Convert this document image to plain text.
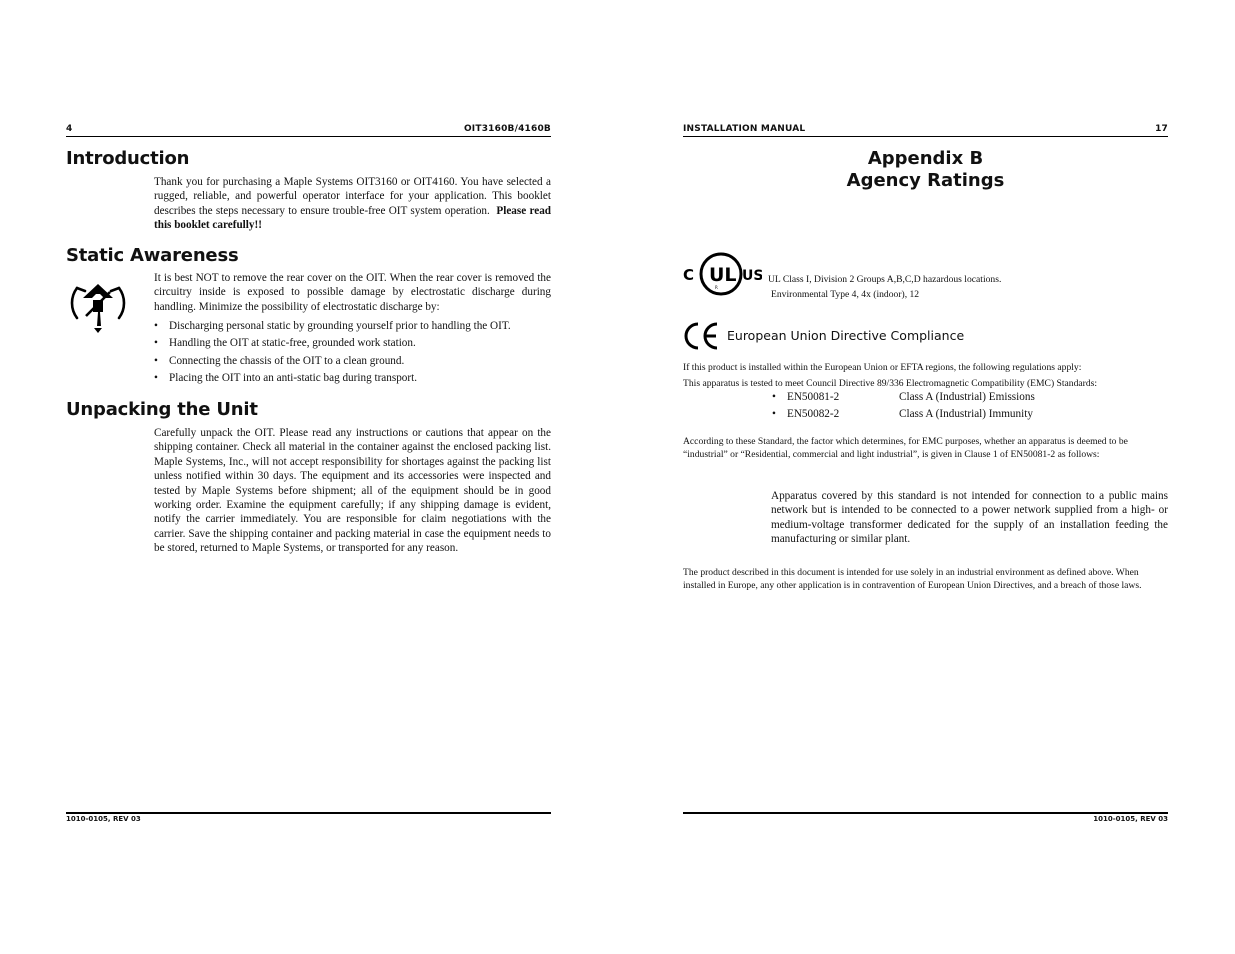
4	OIT3160B/4160B
Introduction
Thank you for purchasing a Maple Systems OIT3160 or OIT4160. You have selected a rugged, reliable, and powerful operator interface for your application. This booklet describes the steps necessary to ensure trouble-free OIT system operation. Please read this booklet carefully!!
Static Awareness
It is best NOT to remove the rear cover on the OIT. When the rear cover is removed the circuitry inside is exposed to possible damage by electrostatic discharge during handling. Minimize the possibility of electrostatic discharge by:
• Discharging personal static by grounding yourself prior to handling the OIT.
• Handling the OIT at static-free, grounded work station.
• Connecting the chassis of the OIT to a clean ground.
• Placing the OIT into an anti-static bag during transport.
Unpacking the Unit
Carefully unpack the OIT. Please read any instructions or cautions that appear on the shipping container. Check all material in the container against the enclosed packing list. Maple Systems, Inc., will not accept responsibility for shortages against the packing list unless notified within 30 days. The equipment and its accessories were inspected and tested by Maple Systems before shipment; all of the equipment should be in good working order. Examine the equipment carefully; if any shipping damage is evident, notify the carrier immediately. You are responsible for claim negotiations with the carrier. Save the shipping container and packing material in case the equipment needs to be stored, returned to Maple Systems, or transported for any reason.
1010-0105, REV 03
INSTALLATION MANUAL	17
Appendix B
Agency Ratings
C UL
R
US UL Class I, Division 2 Groups A,B,C,D hazardous locations.
Environmental Type 4, 4x (indoor), 12
CE
European Union Directive Compliance
If this product is installed within the European Union or EFTA regions, the following regulations apply:
This apparatus is tested to meet Council Directive 89/336 Electromagnetic Compatibility (EMC) Standards:
• EN50081-2	Class A (Industrial) Emissions
• EN50082-2	Class A (Industrial) Immunity
According to these Standard, the factor which determines, for EMC purposes, whether an apparatus is deemed to be “industrial” or “Residential, commercial and light industrial”, is given in Clause 1 of EN50081-2 as follows:
Apparatus covered by this standard is not intended for connection to a public mains network but is intended to be connected to a power network supplied from a high- or medium-voltage transformer dedicated for the supply of an installation feeding the manufacturing or similar plant.
The product described in this document is intended for use solely in an industrial environment as defined above. When installed in Europe, any other application is in contravention of European Union Directives, and a breach of those laws.
1010-0105, REV 03
